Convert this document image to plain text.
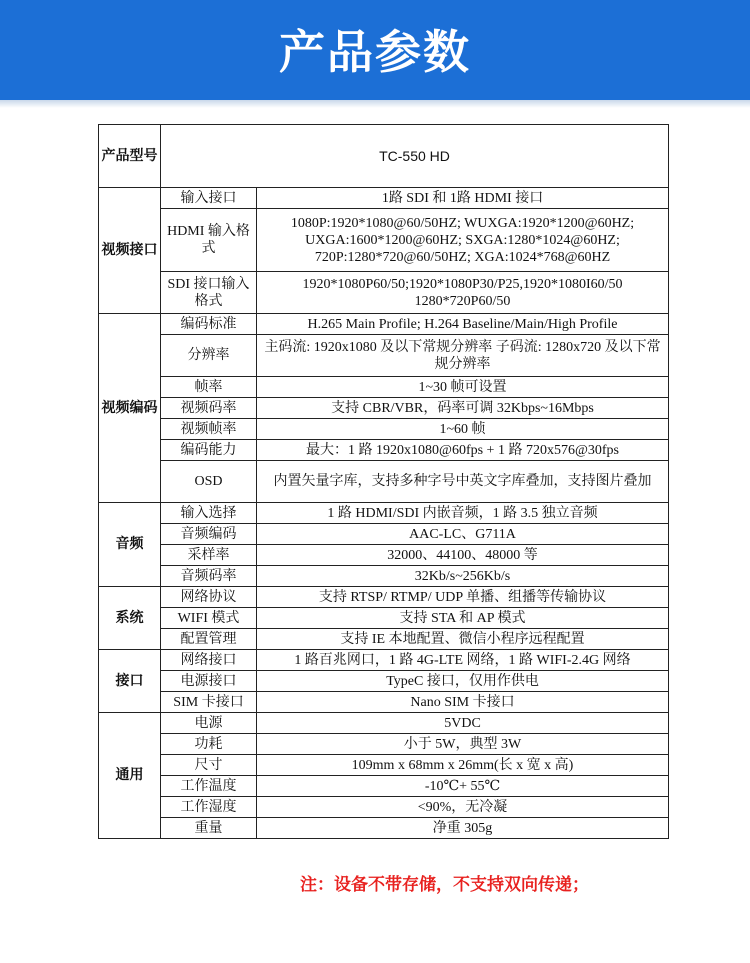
产品参数
产品型号	TC-550 HD	
视频接口	输入接口	1路 SDI 和 1路 HDMI 接口
	HDMI 输入格式	1080P:1920*1080@60/50HZ; WUXGA:1920*1200@60HZ; UXGA:1600*1200@60HZ; SXGA:1280*1024@60HZ; 720P:1280*720@60/50HZ; XGA:1024*768@60HZ
	SDI 接口输入格式	1920*1080P60/50;1920*1080P30/P25,1920*1080I60/50 1280*720P60/50
视频编码	编码标准	H.265 Main Profile; H.264 Baseline/Main/High Profile
	分辨率	主码流: 1920x1080 及以下常规分辨率 子码流: 1280x720 及以下常规分辨率
	帧率	1~30 帧可设置
	视频码率	支持 CBR/VBR，码率可调 32Kbps~16Mbps
	视频帧率	1~60 帧
	编码能力	最大：1 路 1920x1080@60fps + 1 路 720x576@30fps
	OSD	内置矢量字库，支持多种字号中英文字库叠加，支持图片叠加
音频	输入选择	1 路 HDMI/SDI 内嵌音频，1 路 3.5 独立音频
	音频编码	AAC-LC、G711A
	采样率	32000、44100、48000 等
	音频码率	32Kb/s~256Kb/s
系统	网络协议	支持 RTSP/ RTMP/ UDP 单播、组播等传输协议
	WIFI 模式	支持 STA 和 AP 模式
	配置管理	支持 IE 本地配置、微信小程序远程配置
接口	网络接口	1 路百兆网口，1 路 4G-LTE 网络，1 路 WIFI-2.4G 网络
	电源接口	TypeC 接口，仅用作供电
	SIM 卡接口	Nano SIM 卡接口
通用	电源	5VDC
	功耗	小于 5W，典型 3W
	尺寸	109mm x 68mm x 26mm(长 x 宽 x 高)
	工作温度	-10℃+ 55℃
	工作湿度	<90%，无冷凝
	重量	净重 305g
注：设备不带存储，不支持双向传递；
